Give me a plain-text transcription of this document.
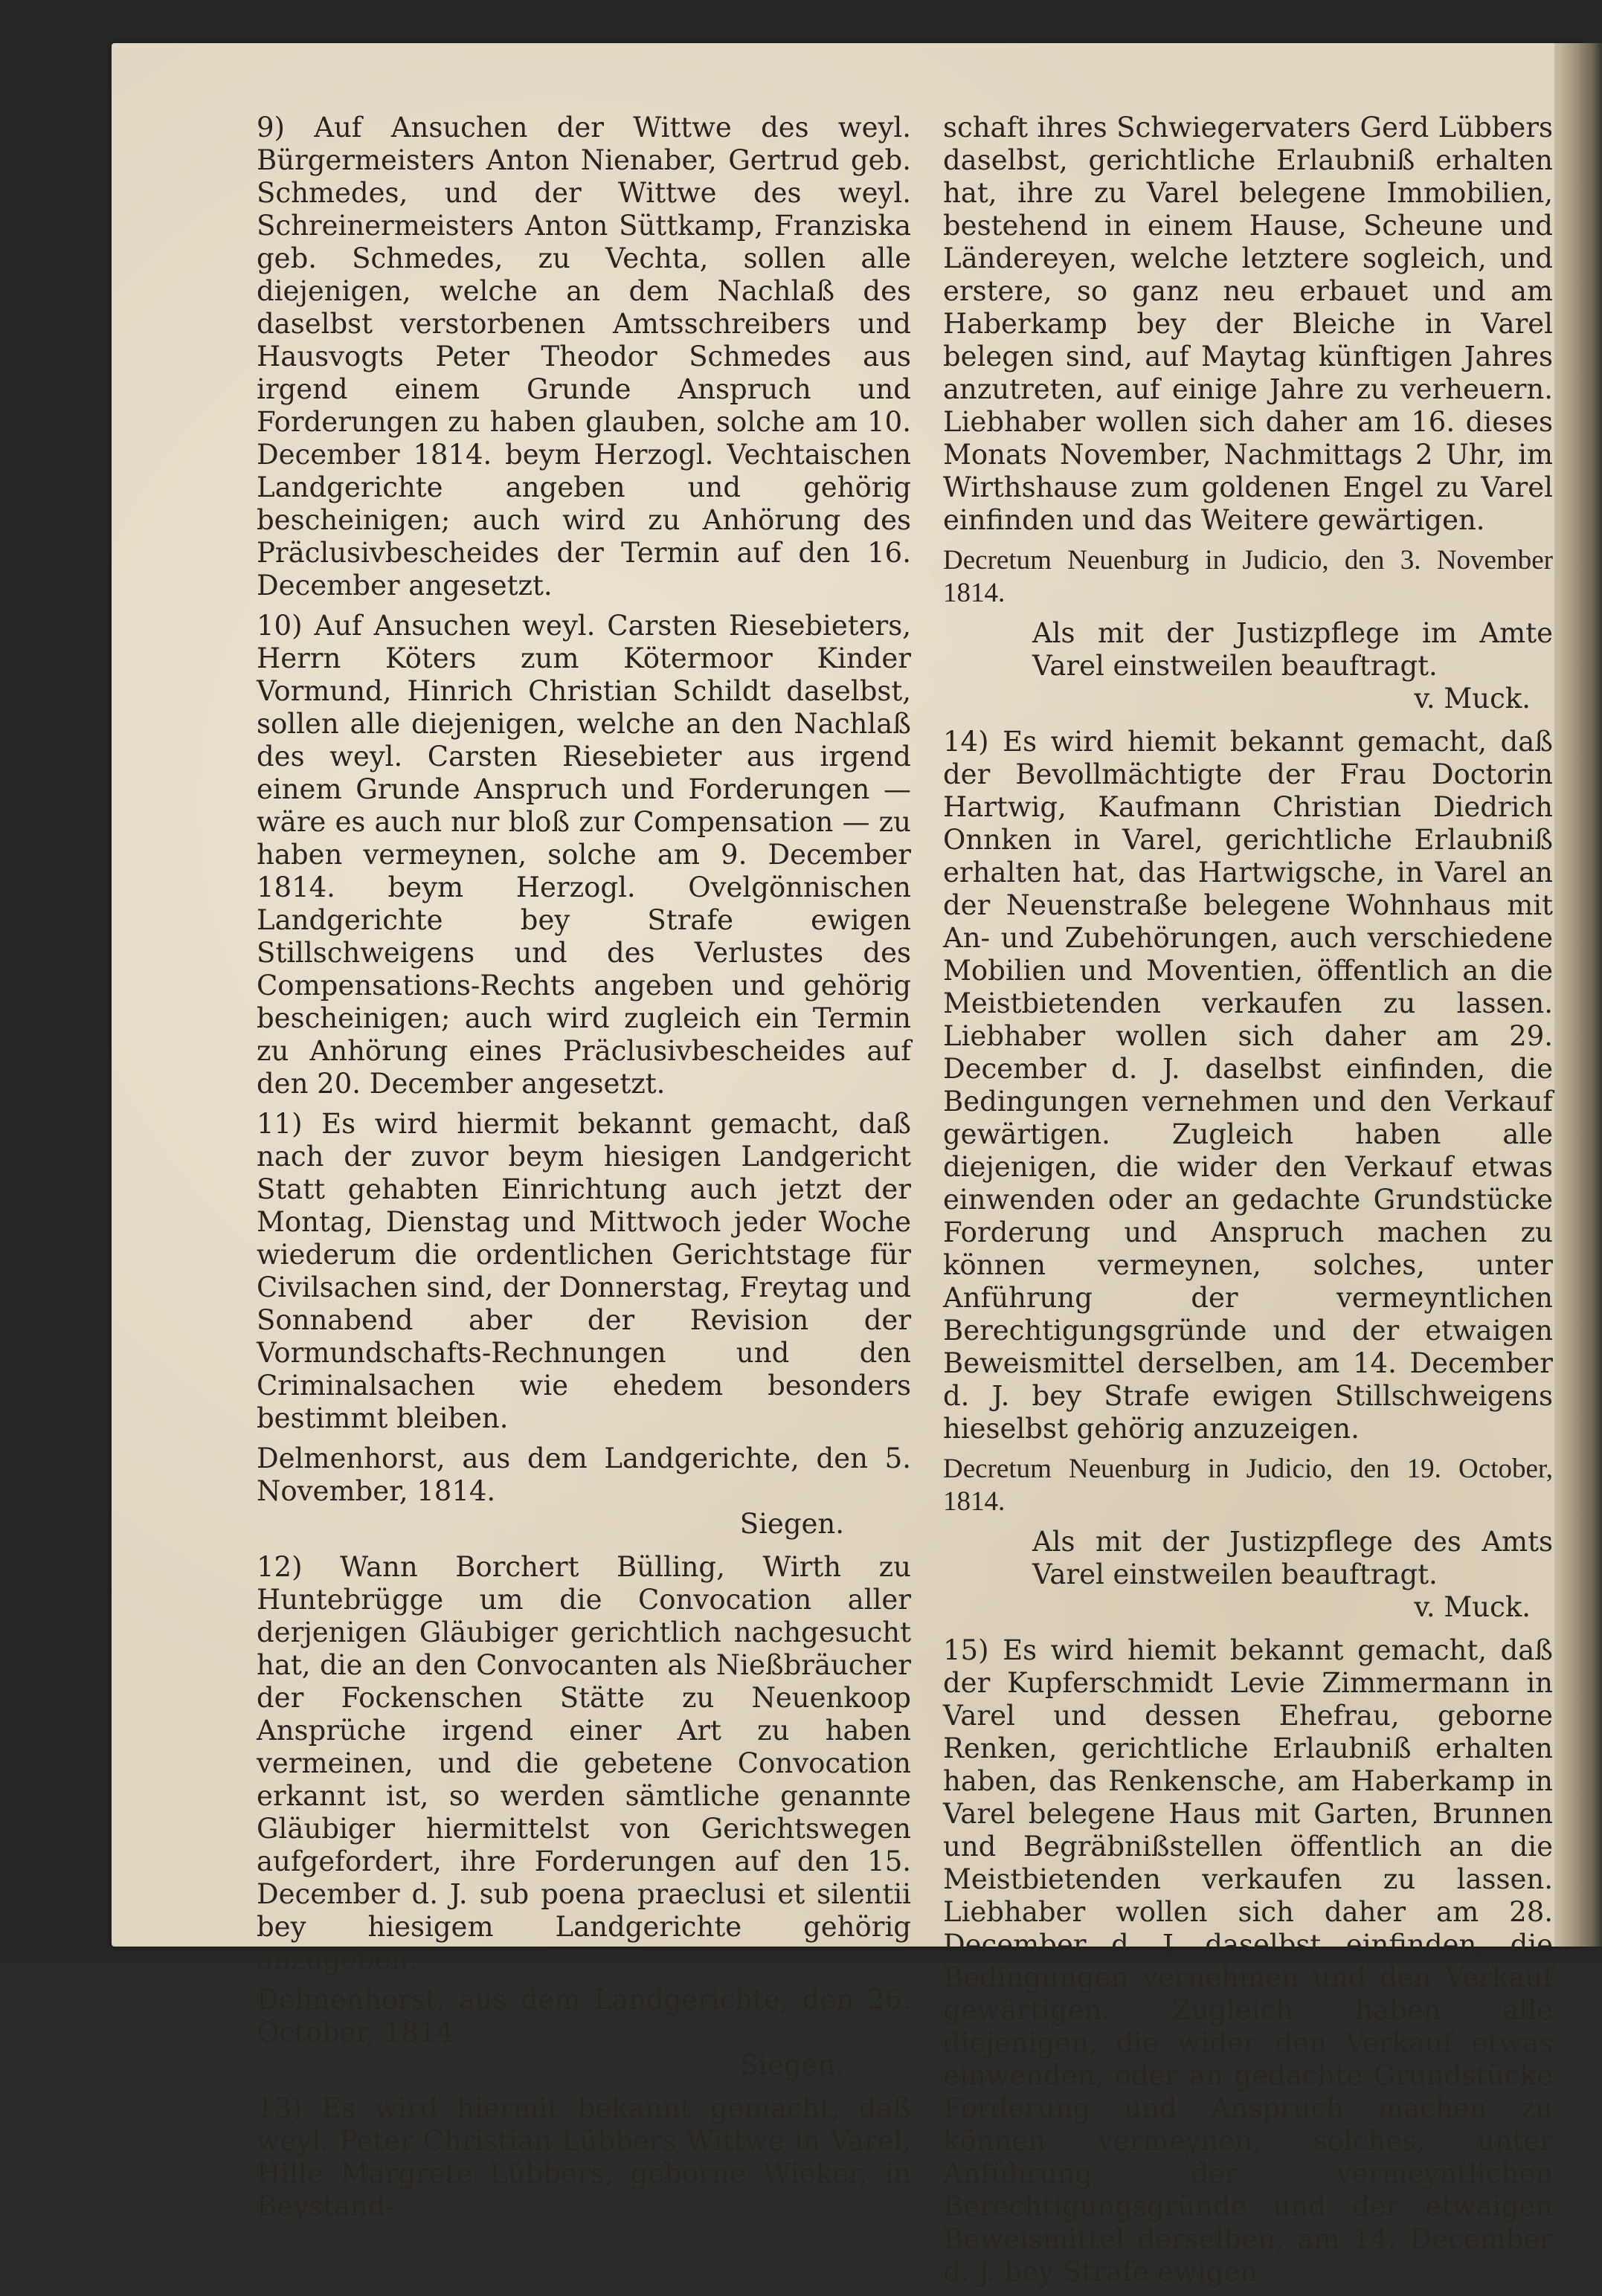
9) Auf Ansuchen der Wittwe des weyl. Bürgermeisters Anton Nienaber, Gertrud geb. Schmedes, und der Wittwe des weyl. Schreinermeisters Anton Süttkamp, Franziska geb. Schmedes, zu Vechta, sollen alle diejenigen, welche an dem Nachlaß des daselbst verstorbenen Amtsschreibers und Hausvogts Peter Theodor Schmedes aus irgend einem Grunde Anspruch und Forderungen zu haben glauben, solche am 10. December 1814. beym Herzogl. Vechtaischen Landgerichte angeben und gehörig bescheinigen; auch wird zu Anhörung des Präclusivbescheides der Termin auf den 16. December angesetzt.

10) Auf Ansuchen weyl. Carsten Riesebieters, Herrn Köters zum Kötermoor Kinder Vormund, Hinrich Christian Schildt daselbst, sollen alle diejenigen, welche an den Nachlaß des weyl. Carsten Riesebieter aus irgend einem Grunde Anspruch und Forderungen — wäre es auch nur bloß zur Compensation — zu haben vermeynen, solche am 9. December 1814. beym Herzogl. Ovelgönnischen Landgerichte bey Strafe ewigen Stillschweigens und des Verlustes des Compensations-Rechts angeben und gehörig bescheinigen; auch wird zugleich ein Termin zu Anhörung eines Präclusivbescheides auf den 20. December angesetzt.

11) Es wird hiermit bekannt gemacht, daß nach der zuvor beym hiesigen Landgericht Statt gehabten Einrichtung auch jetzt der Montag, Dienstag und Mittwoch jeder Woche wiederum die ordentlichen Gerichtstage für Civilsachen sind, der Donnerstag, Freytag und Sonnabend aber der Revision der Vormundschafts-Rechnungen und den Criminalsachen wie ehedem besonders bestimmt bleiben.

Delmenhorst, aus dem Landgerichte, den 5. November, 1814.

Siegen.

12) Wann Borchert Bülling, Wirth zu Huntebrügge um die Convocation aller derjenigen Gläubiger gerichtlich nachgesucht hat, die an den Convocanten als Nießbräucher der Fockenschen Stätte zu Neuenkoop Ansprüche irgend einer Art zu haben vermeinen, und die gebetene Convocation erkannt ist, so werden sämtliche genannte Gläubiger hiermittelst von Gerichtswegen aufgefordert, ihre Forderungen auf den 15. December d. J. sub poena praeclusi et silentii bey hiesigem Landgerichte gehörig anzugeben.

Delmenhorst, aus dem Landgerichte, den 26. October, 1814.

Siegen.

13) Es wird hiermit bekannt gemacht, daß weyl. Peter Christian Lübbers Wittwe in Varel, Hille Margrete Lübbers, geborne Wieker, in Beystand-

schaft ihres Schwiegervaters Gerd Lübbers daselbst, gerichtliche Erlaubniß erhalten hat, ihre zu Varel belegene Immobilien, bestehend in einem Hause, Scheune und Ländereyen, welche letztere sogleich, und erstere, so ganz neu erbauet und am Haberkamp bey der Bleiche in Varel belegen sind, auf Maytag künftigen Jahres anzutreten, auf einige Jahre zu verheuern. Liebhaber wollen sich daher am 16. dieses Monats November, Nachmittags 2 Uhr, im Wirthshause zum goldenen Engel zu Varel einfinden und das Weitere gewärtigen.

Decretum Neuenburg in Judicio, den 3. November 1814.

Als mit der Justizpflege im Amte Varel einstweilen beauftragt.

v. Muck.

14) Es wird hiemit bekannt gemacht, daß der Bevollmächtigte der Frau Doctorin Hartwig, Kaufmann Christian Diedrich Onnken in Varel, gerichtliche Erlaubniß erhalten hat, das Hartwigsche, in Varel an der Neuenstraße belegene Wohnhaus mit An- und Zubehörungen, auch verschiedene Mobilien und Moventien, öffentlich an die Meistbietenden verkaufen zu lassen. Liebhaber wollen sich daher am 29. December d. J. daselbst einfinden, die Bedingungen vernehmen und den Verkauf gewärtigen. Zugleich haben alle diejenigen, die wider den Verkauf etwas einwenden oder an gedachte Grundstücke Forderung und Anspruch machen zu können vermeynen, solches, unter Anführung der vermeyntlichen Berechtigungsgründe und der etwaigen Beweismittel derselben, am 14. December d. J. bey Strafe ewigen Stillschweigens hieselbst gehörig anzuzeigen.

Decretum Neuenburg in Judicio, den 19. October, 1814.

Als mit der Justizpflege des Amts Varel einstweilen beauftragt.

v. Muck.

15) Es wird hiemit bekannt gemacht, daß der Kupferschmidt Levie Zimmermann in Varel und dessen Ehefrau, geborne Renken, gerichtliche Erlaubniß erhalten haben, das Renkensche, am Haberkamp in Varel belegene Haus mit Garten, Brunnen und Begräbnißstellen öffentlich an die Meistbietenden verkaufen zu lassen. Liebhaber wollen sich daher am 28. December d. J. daselbst einfinden, die Bedingungen vernehmen und den Verkauf gewärtigen. Zugleich haben alle diejenigen, die wider den Verkauf etwas einwenden, oder an gedachte Grundstücke Forderung und Anspruch machen zu können vermeynen, solches, unter Anführung der vermeyntlichen Berechtigungsgründe und der etwaigen Beweismittel derselben, am 14. December d. J. bey Strafe ewigen
